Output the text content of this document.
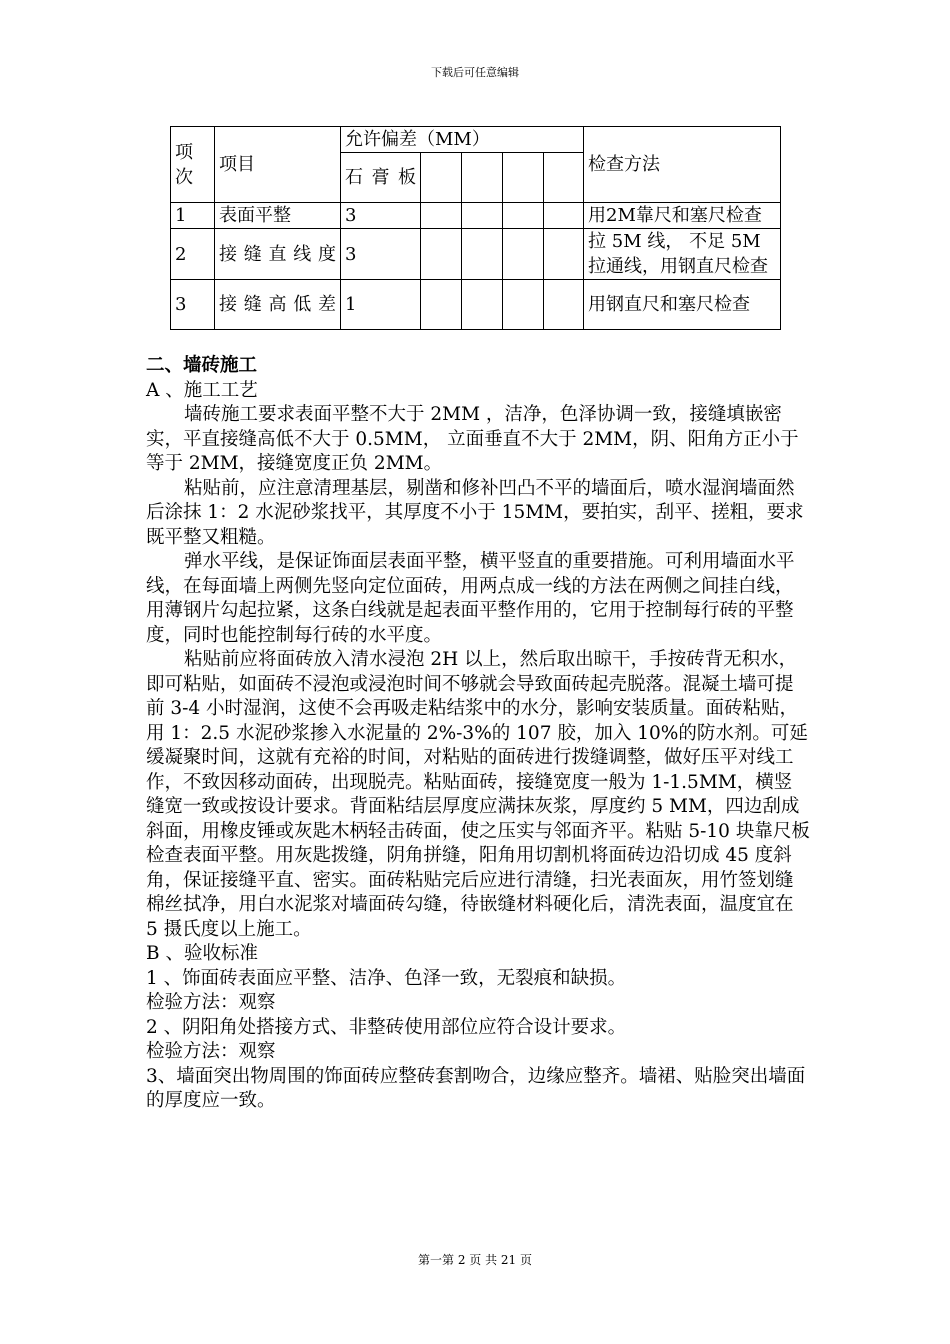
下载后可任意编辑
项次	项目	允许偏差（MM）					检查方法
		石 膏 板					
1	表面平整	3					用2M靠尺和塞尺检查
2	接 缝 直 线 度	3					拉 5M 线， 不足 5M 拉通线，用钢直尺检查
3	接 缝 高 低 差	1					用钢直尺和塞尺检查

二、墙砖施工

A 、施工工艺

墙砖施工要求表面平整不大于 2MM ，洁净，色泽协调一致，接缝填嵌密实，平直接缝高低不大于 0.5MM， 立面垂直不大于 2MM，阴、阳角方正小于等于 2MM，接缝宽度正负 2MM。

粘贴前，应注意清理基层，剔凿和修补凹凸不平的墙面后，喷水湿润墙面然后涂抹 1：2 水泥砂浆找平，其厚度不小于 15MM，要拍实，刮平、搓粗，要求既平整又粗糙。

弹水平线，是保证饰面层表面平整，横平竖直的重要措施。可利用墙面水平线，在每面墙上两侧先竖向定位面砖，用两点成一线的方法在两侧之间挂白线，用薄钢片勾起拉紧，这条白线就是起表面平整作用的，它用于控制每行砖的平整度，同时也能控制每行砖的水平度。

粘贴前应将面砖放入清水浸泡 2H 以上，然后取出晾干，手按砖背无积水，即可粘贴，如面砖不浸泡或浸泡时间不够就会导致面砖起壳脱落。混凝土墙可提前 3-4 小时湿润，这使不会再吸走粘结浆中的水分，影响安装质量。面砖粘贴，用 1：2.5 水泥砂浆掺入水泥量的 2%-3%的 107 胶，加入 10%的防水剂。可延缓凝聚时间，这就有充裕的时间，对粘贴的面砖进行拨缝调整，做好压平对线工作，不致因移动面砖，出现脱壳。粘贴面砖，接缝宽度一般为 1-1.5MM，横竖缝宽一致或按设计要求。背面粘结层厚度应满抹灰浆，厚度约 5 MM，四边刮成斜面，用橡皮锤或灰匙木柄轻击砖面，使之压实与邻面齐平。粘贴 5-10 块靠尺板检查表面平整。用灰匙拨缝，阴角拼缝，阳角用切割机将面砖边沿切成 45 度斜角，保证接缝平直、密实。面砖粘贴完后应进行清缝，扫光表面灰，用竹签划缝棉丝拭净，用白水泥浆对墙面砖勾缝，待嵌缝材料硬化后，清洗表面，温度宜在 5 摄氏度以上施工。

B 、验收标准

1 、饰面砖表面应平整、洁净、色泽一致，无裂痕和缺损。

检验方法：观察

2 、阴阳角处搭接方式、非整砖使用部位应符合设计要求。

检验方法：观察

3、墙面突出物周围的饰面砖应整砖套割吻合，边缘应整齐。墙裙、贴脸突出墙面的厚度应一致。

第一第 2 页 共 21 页
